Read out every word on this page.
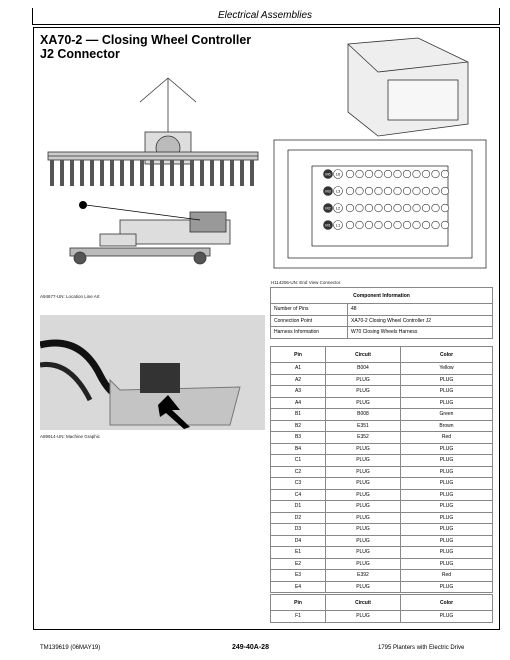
Electrical Assemblies
XA70-2 — Closing Wheel Controller J2 Connector
A94677-UN: Location Line Art
A89914-UN: Machine Graphic
M6 L6
M3 L3
M2 L2
M1 L1
H114206-UN: End View Connector
Component Information	
Number of Pins	48
Connection Point	XA70-2 Closing Wheel Controller J2
Harness Information	W70 Closing Wheels Harness
Pin	Circuit	Color
A1	B004	Yellow
A2	PLUG	PLUG
A3	PLUG	PLUG
A4	PLUG	PLUG
B1	B008	Green
B2	E351	Brown
B3	E352	Red
B4	PLUG	PLUG
C1	PLUG	PLUG
C2	PLUG	PLUG
C3	PLUG	PLUG
C4	PLUG	PLUG
D1	PLUG	PLUG
D2	PLUG	PLUG
D3	PLUG	PLUG
D4	PLUG	PLUG
E1	PLUG	PLUG
E2	PLUG	PLUG
E3	E392	Red
E4	PLUG	PLUG
Pin	Circuit	Color
F1	PLUG	PLUG
TM139619 (06MAY19)	249-40A-28	1795 Planters with Electric Drive
